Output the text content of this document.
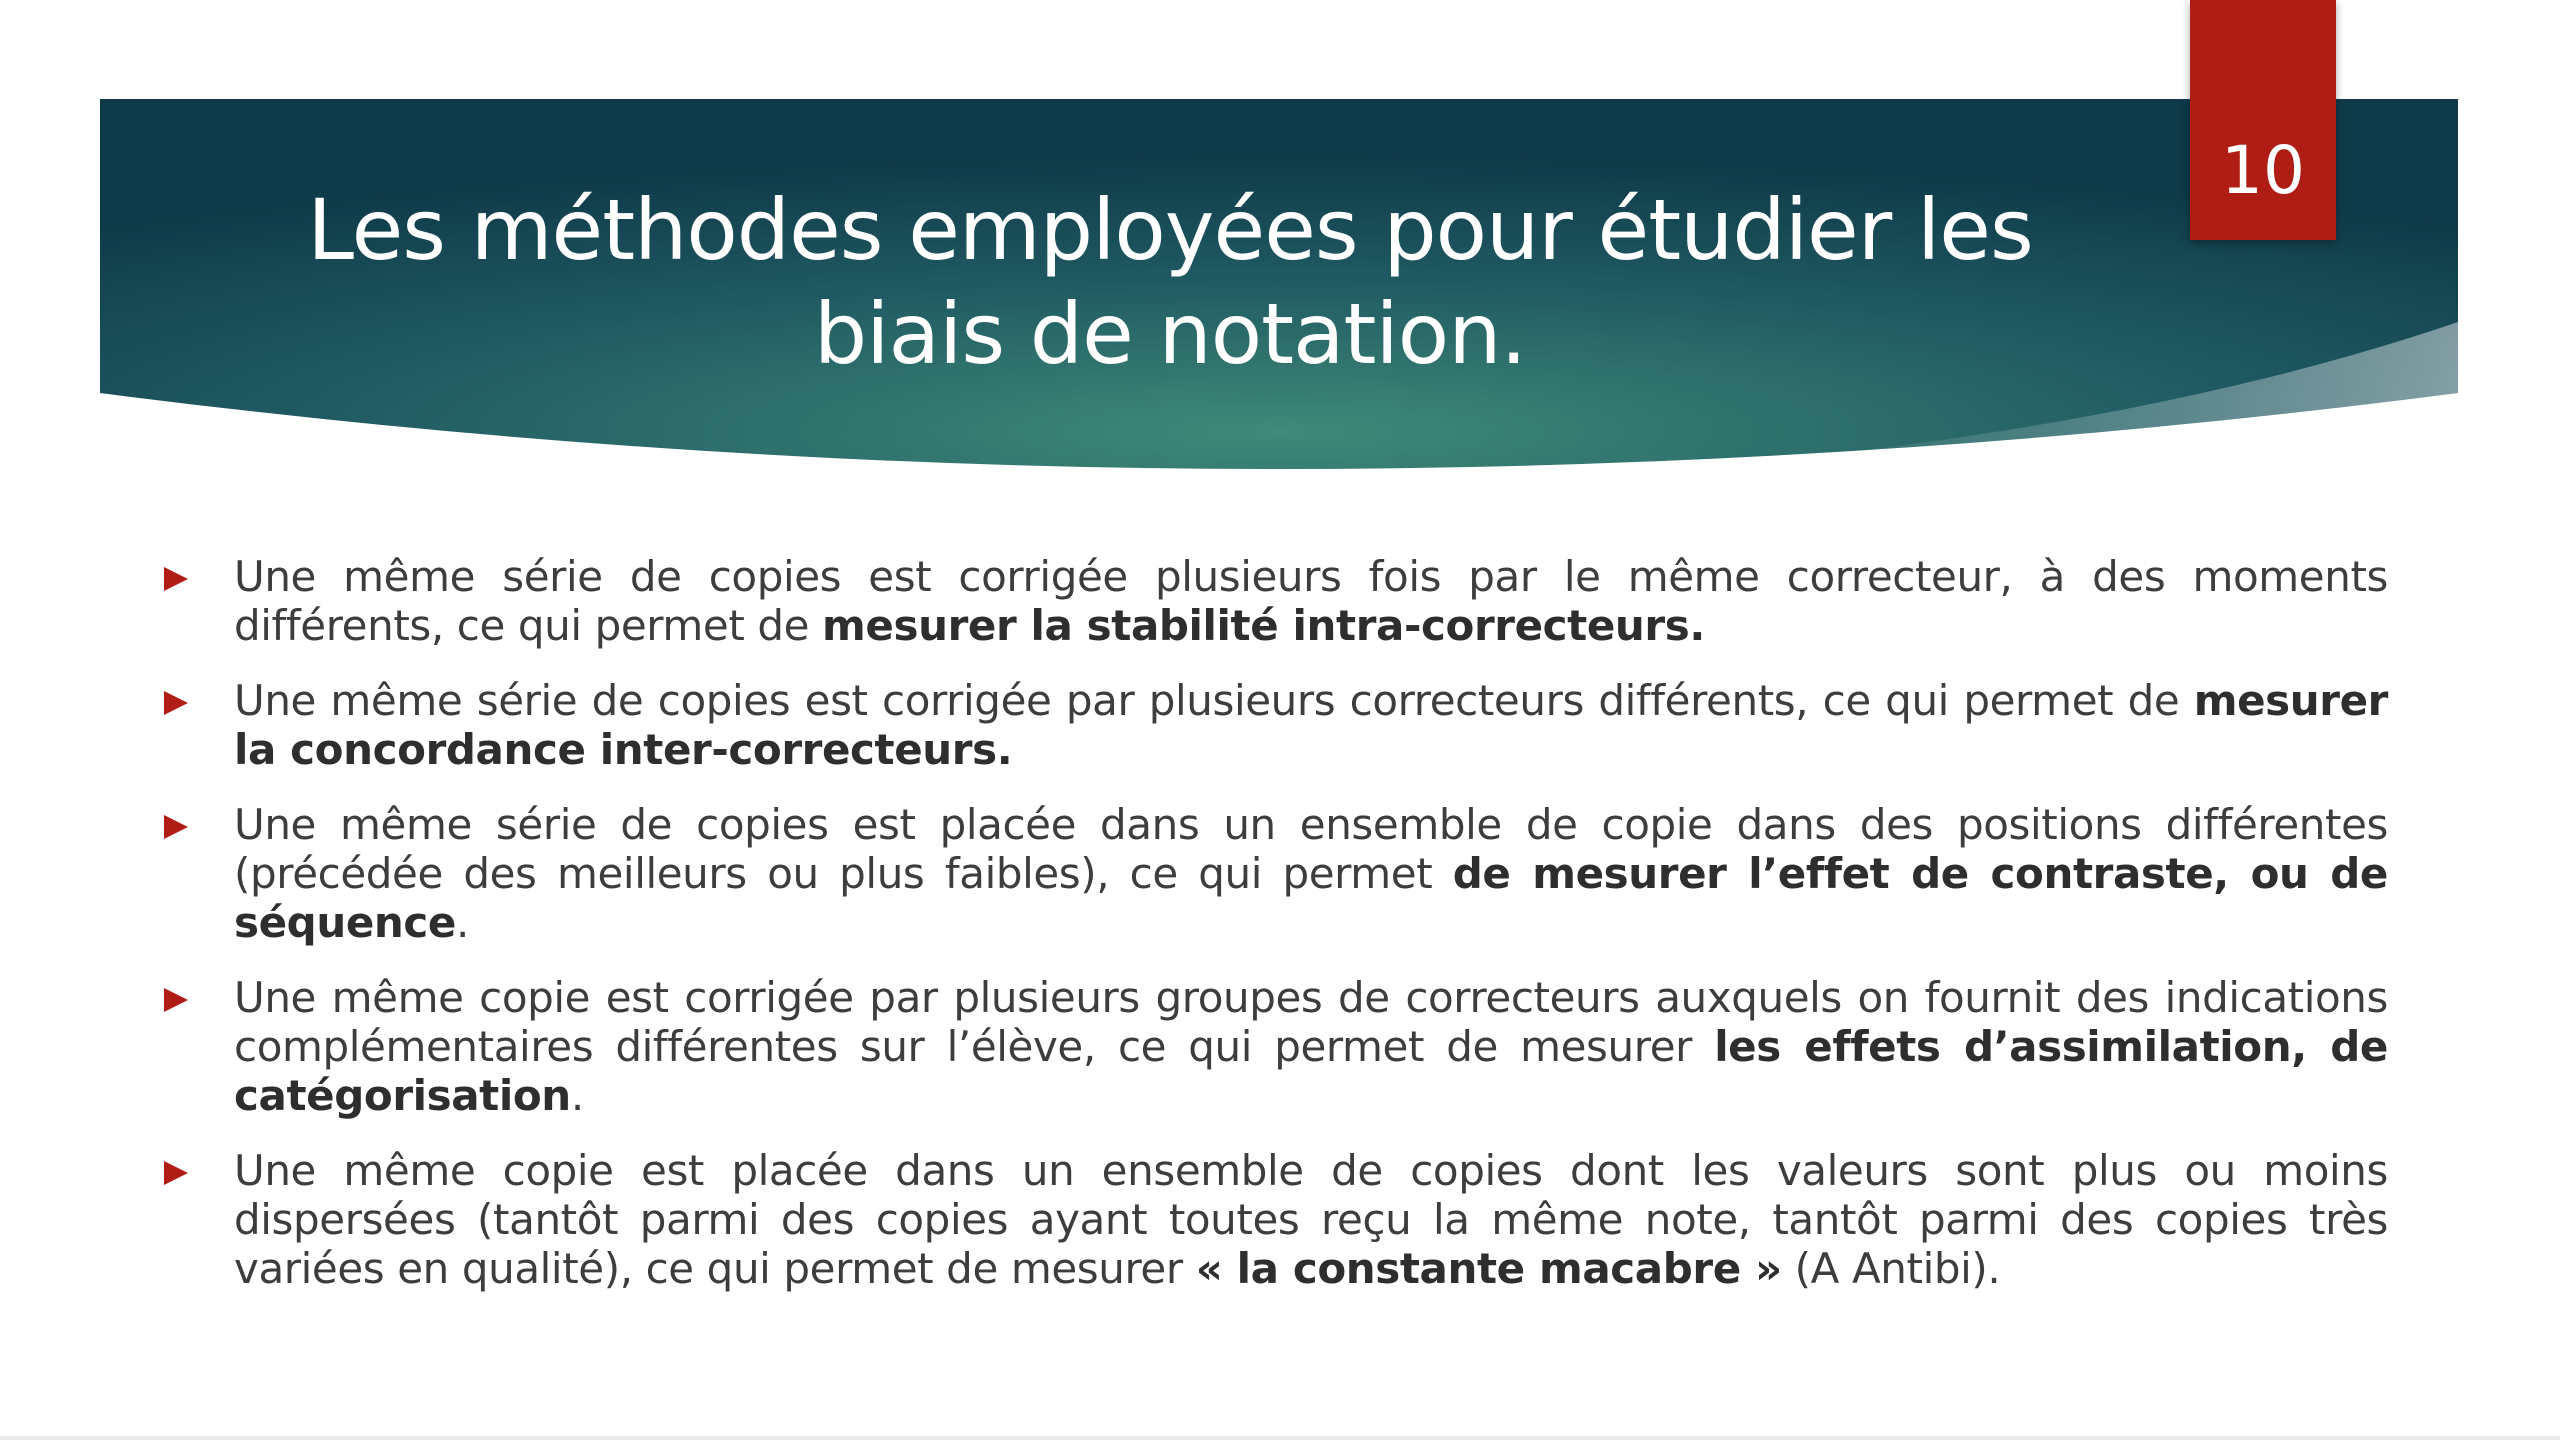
Les méthodes employées pour étudier les
biais de notation.
10
Une même série de copies est corrigée plusieurs fois par le même correcteur, à des moments différents, ce qui permet de mesurer la stabilité intra-correcteurs.
Une même série de copies est corrigée par plusieurs correcteurs différents, ce qui permet de mesurer la concordance inter-correcteurs.
Une même série de copies est placée dans un ensemble de copie dans des positions différentes (précédée des meilleurs ou plus faibles), ce qui permet de mesurer l’effet de contraste, ou de séquence.
Une même copie est corrigée par plusieurs groupes de correcteurs auxquels on fournit des indications complémentaires différentes sur l’élève, ce qui permet de mesurer les effets d’assimilation, de catégorisation.
Une même copie est placée dans un ensemble de copies dont les valeurs sont plus ou moins dispersées (tantôt parmi des copies ayant toutes reçu la même note, tantôt parmi des copies très variées en qualité), ce qui permet de mesurer « la constante macabre » (A Antibi).
